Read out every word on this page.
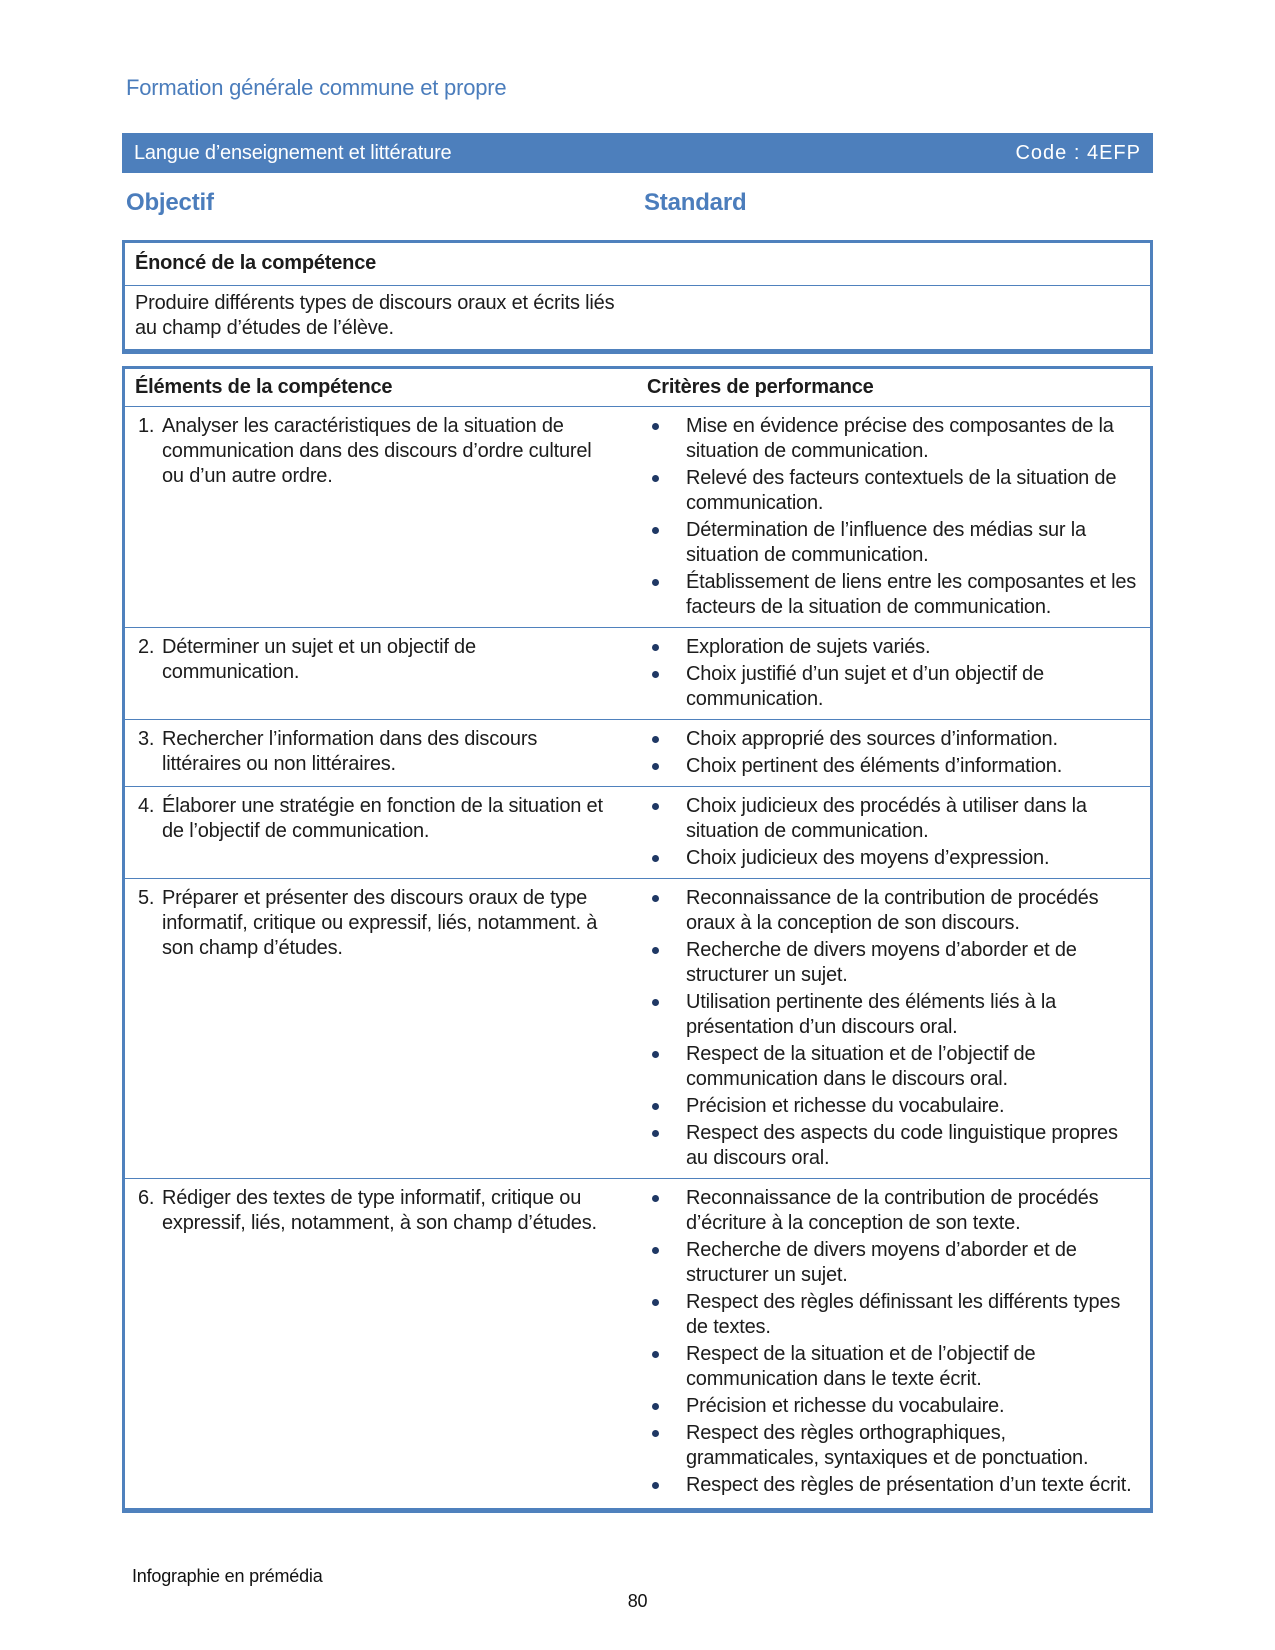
Formation générale commune et propre
Langue d’enseignement et littérature	Code : 4EFP
Objectif	Standard
Énoncé de la compétence

Produire différents types de discours oraux et écrits liés au champ d’études de l’élève.

Éléments de la compétence	Critères de performance
1. Analyser les caractéristiques de la situation de communication dans des discours d’ordre culturel ou d’un autre ordre.
Mise en évidence précise des composantes de la situation de communication.
Relevé des facteurs contextuels de la situation de communication.
Détermination de l’influence des médias sur la situation de communication.
Établissement de liens entre les composantes et les facteurs de la situation de communication.
2. Déterminer un sujet et un objectif de communication.
Exploration de sujets variés.
Choix justifié d’un sujet et d’un objectif de communication.
3. Rechercher l’information dans des discours littéraires ou non littéraires.
Choix approprié des sources d’information.
Choix pertinent des éléments d’information.
4. Élaborer une stratégie en fonction de la situation et de l’objectif de communication.
Choix judicieux des procédés à utiliser dans la situation de communication.
Choix judicieux des moyens d’expression.
5. Préparer et présenter des discours oraux de type informatif, critique ou expressif, liés, notamment. à son champ d’études.
Reconnaissance de la contribution de procédés oraux à la conception de son discours.
Recherche de divers moyens d’aborder et de structurer un sujet.
Utilisation pertinente des éléments liés à la présentation d’un discours oral.
Respect de la situation et de l’objectif de communication dans le discours oral.
Précision et richesse du vocabulaire.
Respect des aspects du code linguistique propres au discours oral.
6. Rédiger des textes de type informatif, critique ou expressif, liés, notamment, à son champ d’études.
Reconnaissance de la contribution de procédés d’écriture à la conception de son texte.
Recherche de divers moyens d’aborder et de structurer un sujet.
Respect des règles définissant les différents types de textes.
Respect de la situation et de l’objectif de communication dans le texte écrit.
Précision et richesse du vocabulaire.
Respect des règles orthographiques, grammaticales, syntaxiques et de ponctuation.
Respect des règles de présentation d’un texte écrit.
Infographie en prémédia
80
